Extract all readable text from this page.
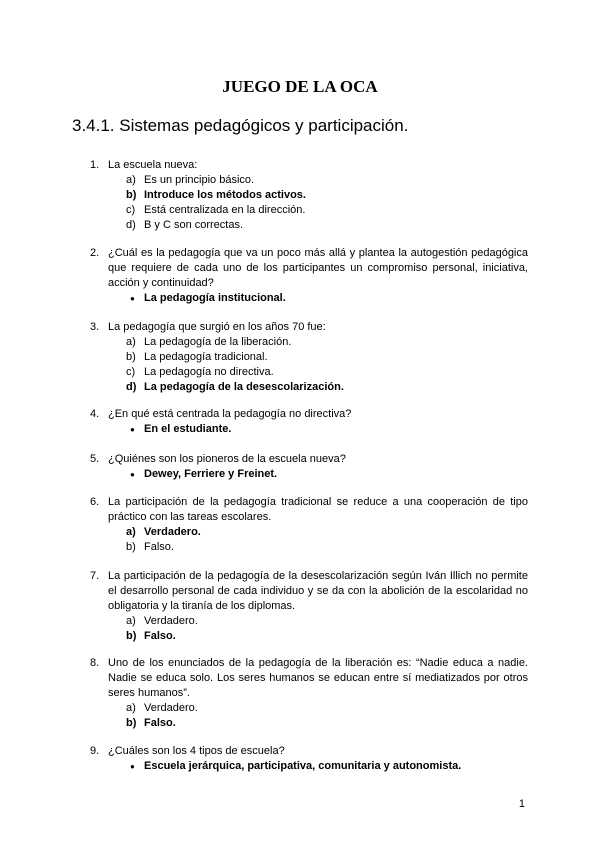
JUEGO DE LA OCA
3.4.1. Sistemas pedagógicos y participación.
1. La escuela nueva:
a) Es un principio básico.
b) Introduce los métodos activos.
c) Está centralizada en la dirección.
d) B y C son correctas.
2. ¿Cuál es la pedagogía que va un poco más allá y plantea la autogestión pedagógica que requiere de cada uno de los participantes un compromiso personal, iniciativa, acción y continuidad?
● La pedagogía institucional.
3. La pedagogía que surgió en los años 70 fue:
a) La pedagogía de la liberación.
b) La pedagogía tradicional.
c) La pedagogía no directiva.
d) La pedagogía de la desescolarización.
4. ¿En qué está centrada la pedagogía no directiva?
● En el estudiante.
5. ¿Quiénes son los pioneros de la escuela nueva?
● Dewey, Ferriere y Freinet.
6. La participación de la pedagogía tradicional se reduce a una cooperación de tipo práctico con las tareas escolares.
a) Verdadero.
b) Falso.
7. La participación de la pedagogía de la desescolarización según Iván Illich no permite el desarrollo personal de cada individuo y se da con la abolición de la escolaridad no obligatoria y la tiranía de los diplomas.
a) Verdadero.
b) Falso.
8. Uno de los enunciados de la pedagogía de la liberación es: “Nadie educa a nadie. Nadie se educa solo. Los seres humanos se educan entre sí mediatizados por otros seres humanos”.
a) Verdadero.
b) Falso.
9. ¿Cuáles son los 4 tipos de escuela?
● Escuela jerárquica, participativa, comunitaria y autonomista.
1
